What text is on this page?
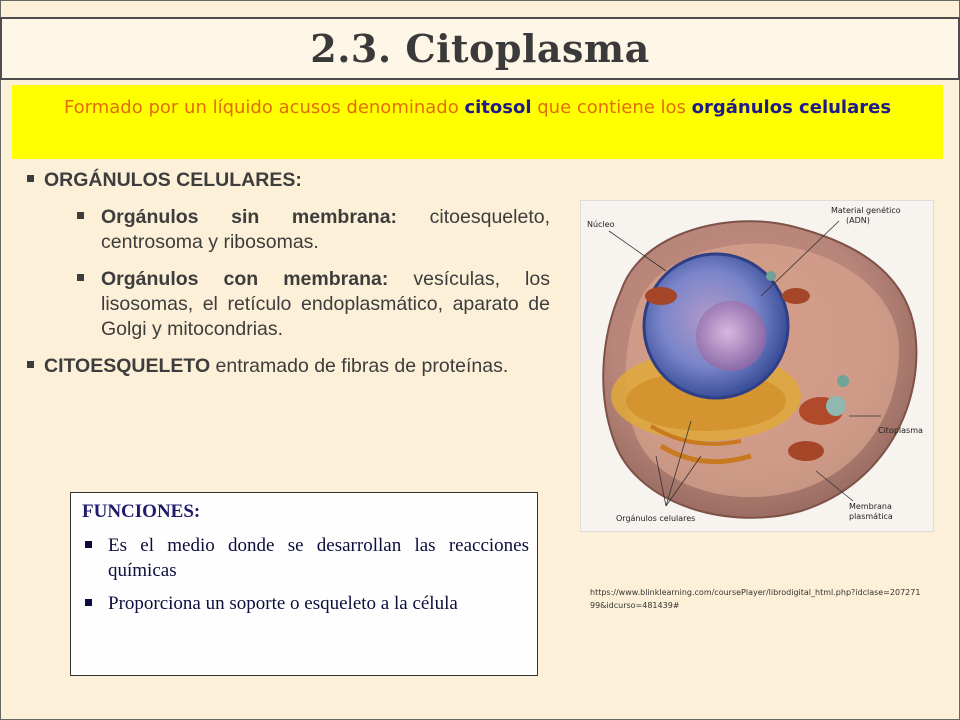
2.3. Citoplasma
Formado por un líquido acusos denominado citosol que contiene los orgánulos celulares
ORGÁNULOS CELULARES:
Orgánulos sin membrana: citoesqueleto, centrosoma y ribosomas.
Orgánulos con membrana: vesículas, los lisosomas, el retículo endoplasmático, aparato de Golgi y mitocondrias.
CITOESQUELETO entramado de fibras de proteínas.
Núcleo
Material genético
(ADN)
Citoplasma
Orgánulos celulares
Membrana
plasmática
https://www.blinklearning.com/coursePlayer/librodigital_html.php?idclase=20727199&idcurso=481439#
FUNCIONES:
Es el medio donde se desarrollan las reacciones químicas
Proporciona un soporte o esqueleto a la célula
